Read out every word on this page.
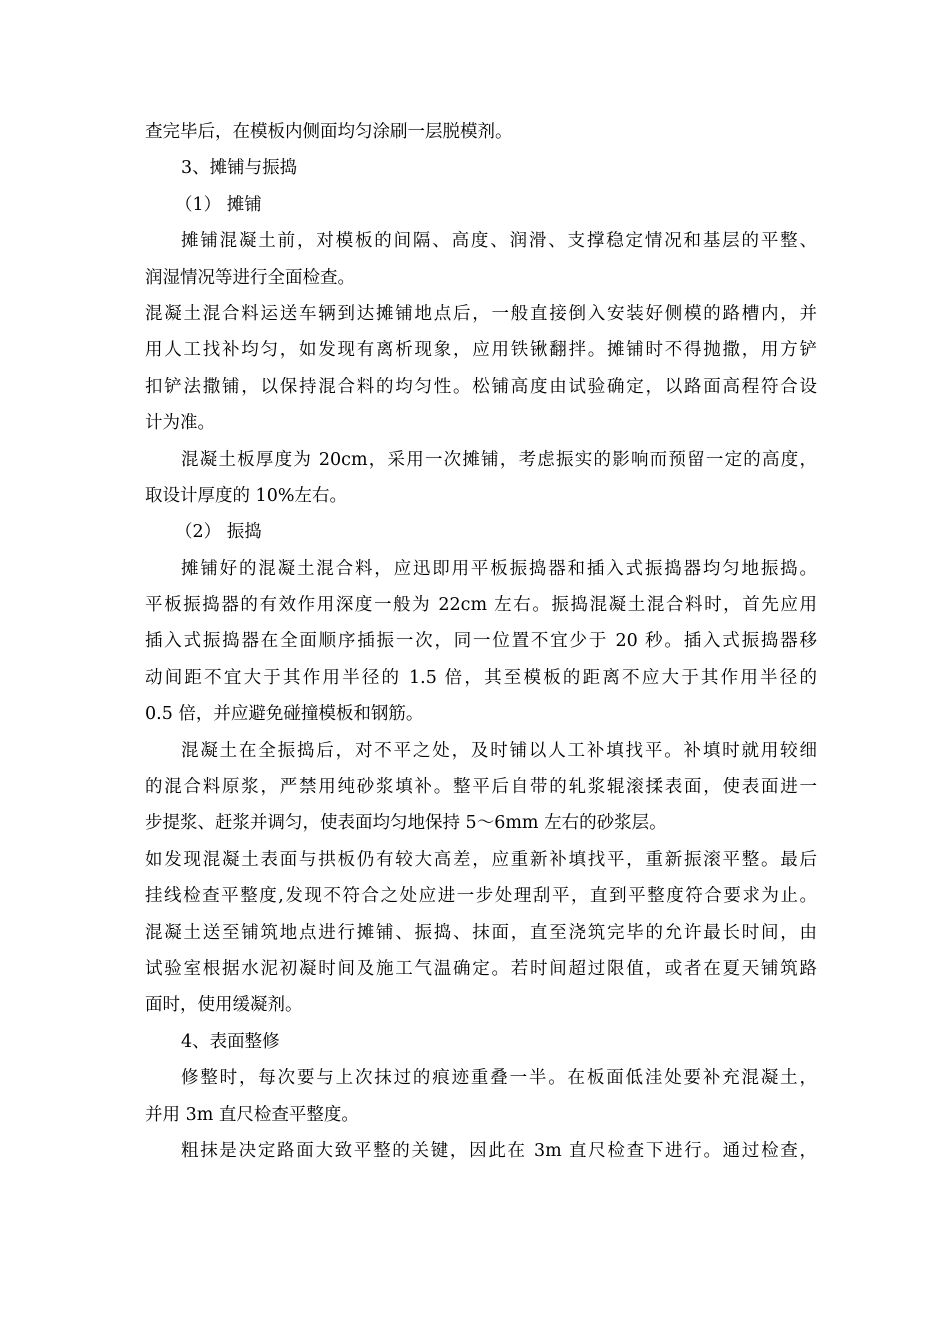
查完毕后，在模板内侧面均匀涂刷一层脱模剂。
3、摊铺与振捣
（1） 摊铺
摊铺混凝土前，对模板的间隔、高度、润滑、支撑稳定情况和基层的平整、
润湿情况等进行全面检查。
混凝土混合料运送车辆到达摊铺地点后，一般直接倒入安装好侧模的路槽内，并
用人工找补均匀，如发现有离析现象，应用铁锹翻拌。摊铺时不得抛撒，用方铲
扣铲法撒铺，以保持混合料的均匀性。松铺高度由试验确定，以路面高程符合设
计为准。
混凝土板厚度为 20cm，采用一次摊铺，考虑振实的影响而预留一定的高度，
取设计厚度的 10%左右。
（2） 振捣
摊铺好的混凝土混合料，应迅即用平板振捣器和插入式振捣器均匀地振捣。
平板振捣器的有效作用深度一般为 22cm 左右。振捣混凝土混合料时，首先应用
插入式振捣器在全面顺序插振一次，同一位置不宜少于 20 秒。插入式振捣器移
动间距不宜大于其作用半径的 1.5 倍，其至模板的距离不应大于其作用半径的
0.5 倍，并应避免碰撞模板和钢筋。
混凝土在全振捣后，对不平之处，及时铺以人工补填找平。补填时就用较细
的混合料原浆，严禁用纯砂浆填补。整平后自带的轧浆辊滚揉表面，使表面进一
步提浆、赶浆并调匀，使表面均匀地保持 5～6mm 左右的砂浆层。
如发现混凝土表面与拱板仍有较大高差，应重新补填找平，重新振滚平整。最后
挂线检查平整度,发现不符合之处应进一步处理刮平，直到平整度符合要求为止。
混凝土送至铺筑地点进行摊铺、振捣、抹面，直至浇筑完毕的允许最长时间，由
试验室根据水泥初凝时间及施工气温确定。若时间超过限值，或者在夏天铺筑路
面时，使用缓凝剂。
4、表面整修
修整时，每次要与上次抹过的痕迹重叠一半。在板面低洼处要补充混凝土，
并用 3m 直尺检查平整度。
粗抹是决定路面大致平整的关键，因此在 3m 直尺检查下进行。通过检查，
